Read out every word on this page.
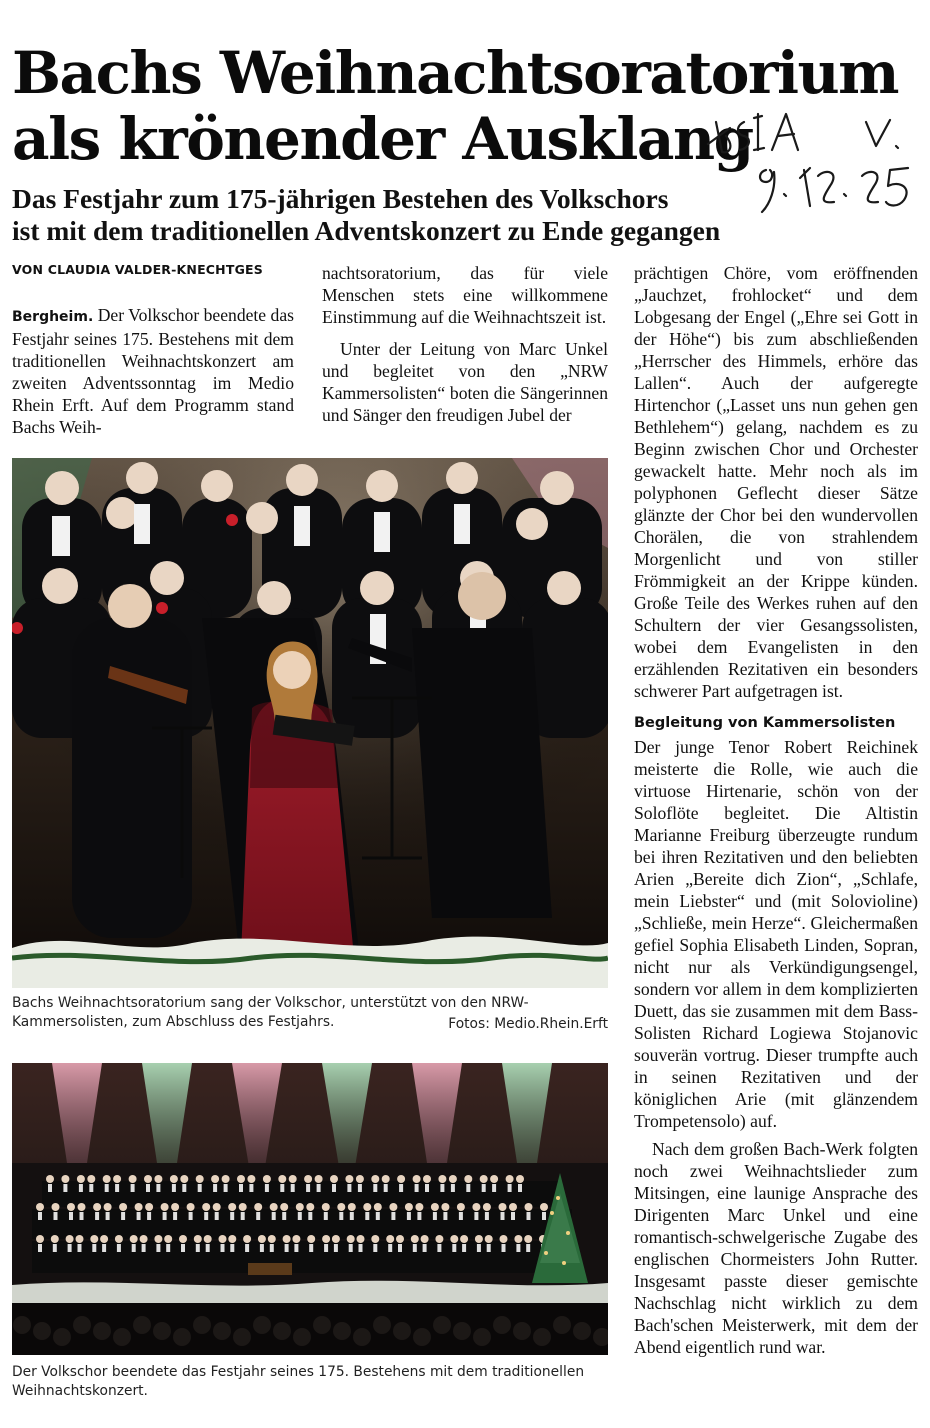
Bachs Weihnachtsoratorium
als krönender Ausklang
Das Festjahr zum 175-jährigen Bestehen des Volkschors
ist mit dem traditionellen Adventskonzert zu Ende gegangen
VON CLAUDIA VALDER-KNECHTGES

Bergheim. Der Volkschor beendete das Festjahr seines 175. Bestehens mit dem traditionellen Weihnachtskonzert am zweiten Adventssonntag im Medio Rhein Erft. Auf dem Programm stand Bachs Weih-

nachtsoratorium, das für viele Menschen stets eine willkommene Einstimmung auf die Weihnachtszeit ist.

Unter der Leitung von Marc Unkel und begleitet von den „NRW Kammersolisten“ boten die Sängerinnen und Sänger den freudigen Jubel der

prächtigen Chöre, vom eröffnenden „Jauchzet, frohlocket“ und dem Lobgesang der Engel („Ehre sei Gott in der Höhe“) bis zum abschließenden „Herrscher des Himmels, erhöre das Lallen“. Auch der aufgeregte Hirtenchor („Lasset uns nun gehen gen Bethlehem“) gelang, nachdem es zu Beginn zwischen Chor und Orchester gewackelt hatte. Mehr noch als im polyphonen Geflecht dieser Sätze glänzte der Chor bei den wundervollen Chorälen, die von strahlendem Morgenlicht und von stiller Frömmigkeit an der Krippe künden. Große Teile des Werkes ruhen auf den Schultern der vier Gesangssolisten, wobei dem Evangelisten in den erzählenden Rezitativen ein besonders schwerer Part aufgetragen ist.

Begleitung von Kammersolisten

Der junge Tenor Robert Reichinek meisterte die Rolle, wie auch die virtuose Hirtenarie, schön von der Soloflöte begleitet. Die Altistin Marianne Freiburg überzeugte rundum bei ihren Rezitativen und den beliebten Arien „Bereite dich Zion“, „Schlafe, mein Liebster“ und (mit Solovioline) „Schließe, mein Herze“. Gleichermaßen gefiel Sophia Elisabeth Linden, Sopran, nicht nur als Verkündigungsengel, sondern vor allem in dem komplizierten Duett, das sie zusammen mit dem Bass-Solisten Richard Logiewa Stojanovic souverän vortrug. Dieser trumpfte auch in seinen Rezitativen und der königlichen Arie (mit glänzendem Trompetensolo) auf.

Nach dem großen Bach-Werk folgten noch zwei Weihnachtslieder zum Mitsingen, eine launige Ansprache des Dirigenten Marc Unkel und eine romantisch-schwelgerische Zugabe des englischen Chormeisters John Rutter. Insgesamt passte dieser gemischte Nachschlag nicht wirklich zu dem Bach'schen Meisterwerk, mit dem der Abend eigentlich rund war.

Bachs Weihnachtsoratorium sang der Volkschor, unterstützt von den NRW-Kammersolisten, zum Abschluss des Festjahrs.	Fotos: Medio.Rhein.Erft
Der Volkschor beendete das Festjahr seines 175. Bestehens mit dem traditionellen Weihnachtskonzert.
